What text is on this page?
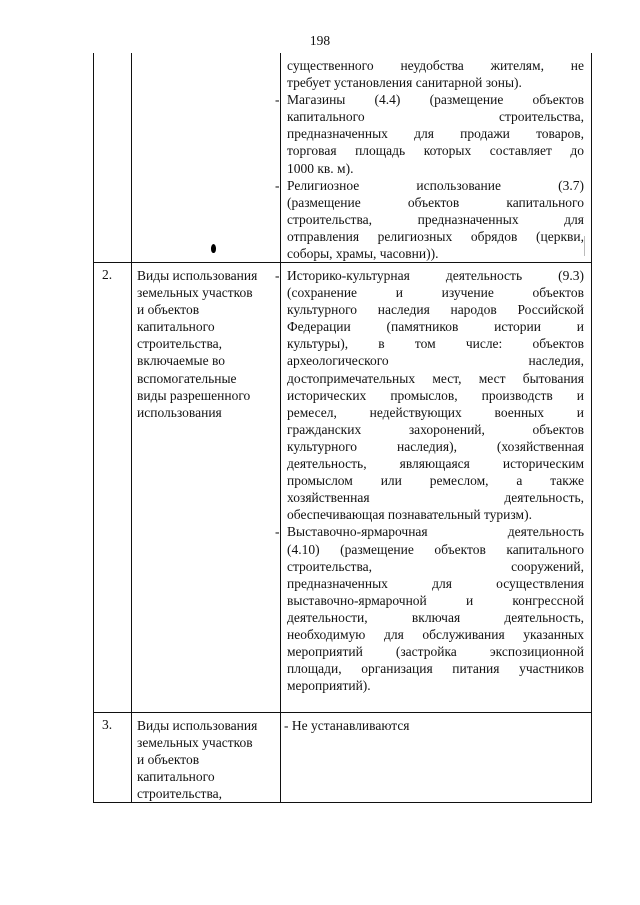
198
существенного неудобства жителям, не
требует установления санитарной зоны).
- Магазины (4.4) (размещение объектов
капитального строительства,
предназначенных для продажи товаров,
торговая площадь которых составляет до
1000 кв. м).
- Религиозное использование (3.7)
(размещение объектов капитального
строительства, предназначенных для
отправления религиозных обрядов (церкви,
соборы, храмы, часовни)).
2. Виды использования
земельных участков
и объектов
капитального
строительства,
включаемые во
вспомогательные
виды разрешенного
использования
- Историко-культурная деятельность (9.3)
(сохранение и изучение объектов
культурного наследия народов Российской
Федерации (памятников истории и
культуры), в том числе: объектов
археологического наследия,
достопримечательных мест, мест бытования
исторических промыслов, производств и
ремесел, недействующих военных и
гражданских захоронений, объектов
культурного наследия), (хозяйственная
деятельность, являющаяся историческим
промыслом или ремеслом, а также
хозяйственная деятельность,
обеспечивающая познавательный туризм).
- Выставочно-ярмарочная деятельность
(4.10) (размещение объектов капитального
строительства, сооружений,
предназначенных для осуществления
выставочно-ярмарочной и конгрессной
деятельности, включая деятельность,
необходимую для обслуживания указанных
мероприятий (застройка экспозиционной
площади, организация питания участников
мероприятий).
3. Виды использования
земельных участков
и объектов
капитального
строительства,
- Не устанавливаются
